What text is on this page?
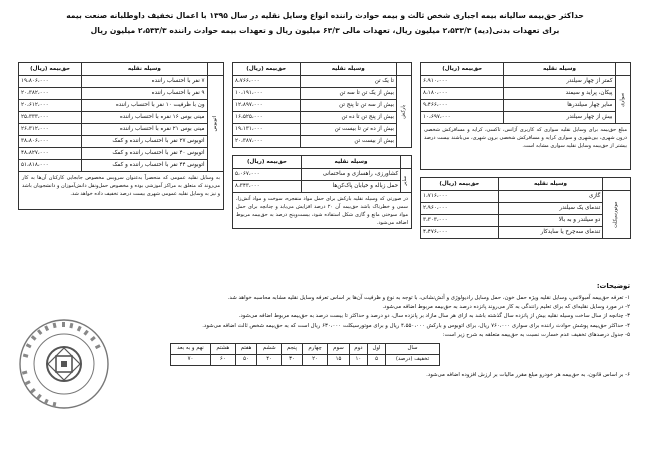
حداکثر حق‌بیمه سالیانه بیمه اجباری شخص ثالث و بیمه حوادث راننده انواع وسایل نقلیه در سال ۱۳۹۵ با اعمال تخفیف داوطلبانه صنعت بیمه
برای تعهدات بدنی(دیه) ۲،۵۳۳/۳ میلیون ریال، تعهدات مالی ۶۳/۳ میلیون ریال و تعهدات بیمه حوادث راننده ۲،۵۳۳/۳ میلیون ریال
	وسیله نقلیه	حق‌بیمه (ریال)
سواری	کمتر از چهار سیلندر	۶،۹۱۰،۰۰۰
	پیکان، پراید و سیمند	۸،۱۸۰،۰۰۰
	سایر چهار سیلندرها	۹،۴۶۶،۰۰۰
	بیش از چهار سیلندر	۱۰،۶۹۷،۰۰۰
مبلغ حق‌بیمه برای وسایل نقلیه سواری که کاربری آژانس، تاکسی، کرایه و مسافرکش شخصی درون شهری، بین‌شهری و سواری کرایه و مسافرکش شخصی برون شهری، می‌باشند بیست درصد بیشتر از حق‌بیمه وسایل نقلیه سواری مشابه است.
	وسیله نقلیه	حق‌بیمه (ریال)
موتورسیکلت	گازی	۱،۷۱۶،۰۰۰
	تندمای یک سیلندر	۲،۹۶۰،۰۰۰
	دو سیلندر و به بالا	۳،۳۰۳،۰۰۰
	تندمای سه‌چرخ یا سایدکار	۴،۴۷۶،۰۰۰
	وسیله نقلیه	حق‌بیمه (ریال)
بارکش	تا یک تن	۸،۷۶۶،۰۰۰
	بیش از یک تن تا سه تن	۱۰،۱۹۱،۰۰۰
	بیش از سه تن تا پنج تن	۱۲،۸۹۷،۰۰۰
	بیش از پنج تن تا ده تن	۱۶،۵۲۵،۰۰۰
	بیش از ده تن تا بیست تن	۱۹،۱۳۱،۰۰۰
	بیش از بیست تن	۲۰،۳۸۷،۰۰۰
	وسیله نقلیه	حق‌بیمه (ریال)
سایر	کشاورزی، راهسازی و ساختمانی	۵،۰۶۷،۰۰۰
	حمل زباله و خیابان پاک‌کن‌ها	۸،۳۴۳،۰۰۰
در صورتی که وسیله نقلیه بارکش برای حمل مواد منفجره، سوخت و مواد آتش‌زا، سمی و خطرناک باشد حق‌بیمه آن ۲۰ درصد افزایش می‌یابد و چنانچه برای حمل مواد سوختی مانع و گازی شکل استفاده شود، بیست‌وپنج درصد به حق‌بیمه مربوط اضافه می‌شود.
	وسیله نقلیه	حق‌بیمه (ریال)
اتوبوس	۷ نفر با احتساب راننده	۱۹،۸۰۶،۰۰۰
	۹ نفر با احتساب راننده	۲۰،۳۸۲،۰۰۰
	ون با ظرفیت ۱۰ نفر با احتساب راننده	۲۰،۶۱۲،۰۰۰
	مینی بوس ۱۶ نفره با احتساب راننده	۲۵،۳۳۳،۰۰۰
	مینی بوس ۲۱ نفره با احتساب راننده	۲۶،۳۱۲،۰۰۰
	اتوبوس ۲۷ نفر با احتساب راننده و کمک	۳۸،۸۰۶،۰۰۰
	اتوبوس ۴۰ نفر با احتساب راننده و کمک	۴۸،۸۲۷،۰۰۰
	اتوبوس ۴۴ نفر با احتساب راننده و کمک	۵۱،۸۱۸،۰۰۰
به وسایل نقلیه عمومی که منحصراً به‌عنوان سرویس مخصوص جابجایی کارکنان آن‌ها به کار می‌روند که متعلق به مراکز آموزشی بوده و مخصوص حمل‌ونقل دانش‌آموزان و دانشجویان باشد و نیز به وسایل نقلیه عمومی شهری بیست درصد تخفیف داده خواهد شد.
توضیحات:
۱- تعرفه حق‌بیمه آمبولانس، وسایل نقلیه ویژه حمل خون، حمل وسایل رادیولوژی و آتش‌نشانی، با توجه به نوع و ظرفیت آن‌ها بر اساس تعرفه وسایل نقلیه مشابه محاسبه خواهد شد.
۲- در مورد وسایل نقلیه‌ای که برای تعلیم رانندگی به کار می‌روند پانزده درصد به حق‌بیمه مربوط اضافه می‌شود.
۳- چنانچه از سال ساخت وسیله نقلیه بیش از پانزده سال گذشته باشد به ازای هر سال مازاد بر پانزده سال، دو درصد و حداکثر تا بیست درصد به حق‌بیمه مربوط اضافه می‌شود.
۴- حداکثر حق‌بیمه پوشش حوادث راننده برای سواری ۷۶۰،۰۰۰ ریال، برای اتوبوس و بارکش ۴،۵۵۰،۰۰۰ ریال و برای موتورسیکلت ۶۳۰،۰۰۰ ریال است که به حق‌بیمه شخص ثالث اضافه می‌شود.
۵- جدول درصدهای تخفیف عدم خسارت نسبت به حق‌بیمه متعلقه به شرح زیر است:
سال	اول	دوم	سوم	چهارم	پنجم	ششم	هفتم	هشتم	نهم و به بعد
تخفیف (درصد)	۵	۱۰	۱۵	۲۰	۳۰	۴۰	۵۰	۶۰	۷۰
۶- بر اساس قانون، به حق‌بیمه هر خودرو مبلغ مقرر مالیات بر ارزش افزوده اضافه می‌شود.
